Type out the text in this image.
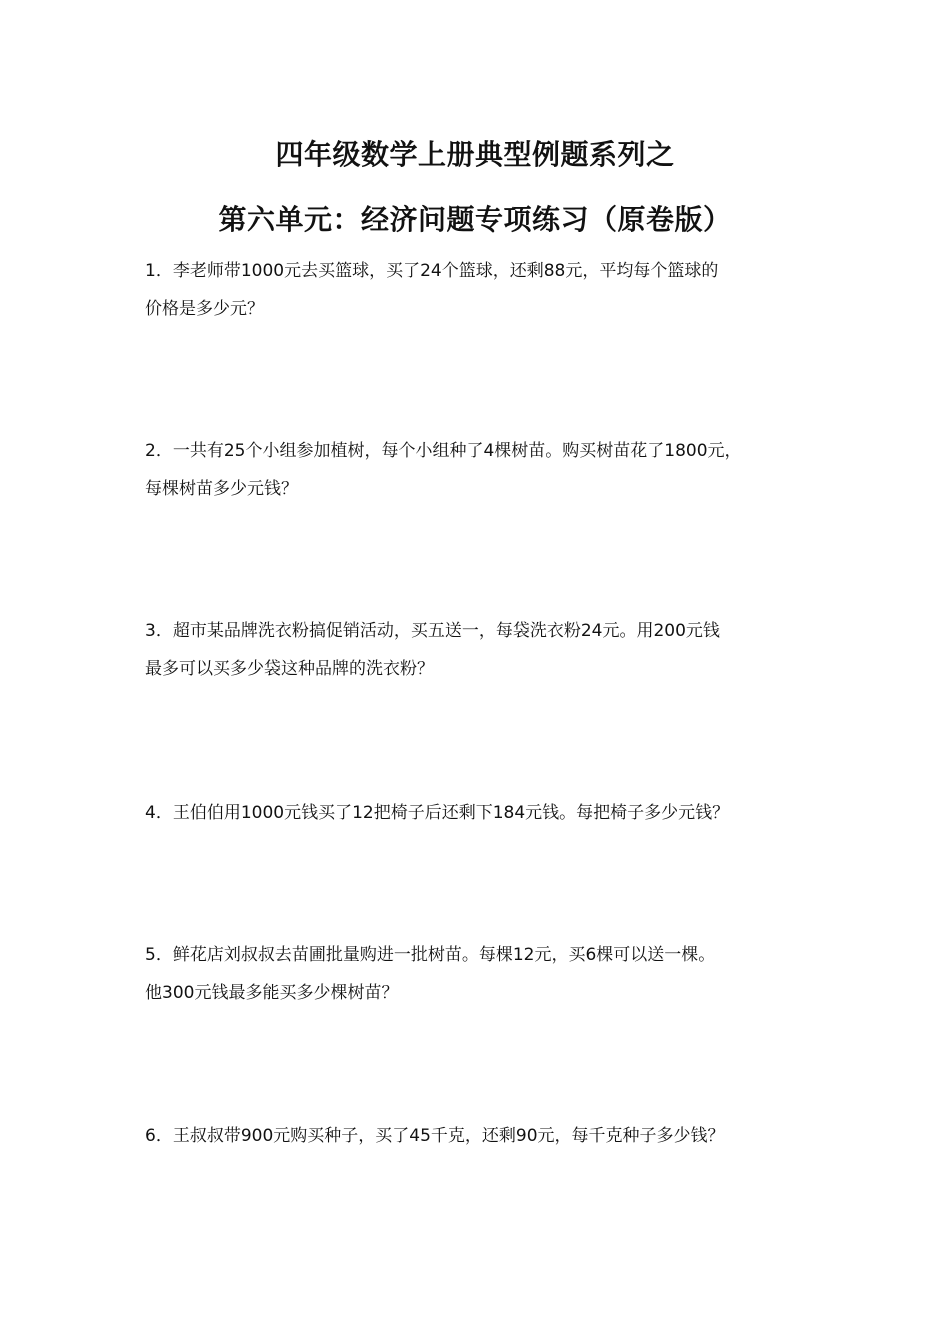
四年级数学上册典型例题系列之
第六单元：经济问题专项练习（原卷版）
1．李老师带1000元去买篮球，买了24个篮球，还剩88元，平均每个篮球的
价格是多少元？
2．一共有25个小组参加植树，每个小组种了4棵树苗。购买树苗花了1800元，
每棵树苗多少元钱？
3．超市某品牌洗衣粉搞促销活动，买五送一，每袋洗衣粉24元。用200元钱
最多可以买多少袋这种品牌的洗衣粉？
4．王伯伯用1000元钱买了12把椅子后还剩下184元钱。每把椅子多少元钱？
5．鲜花店刘叔叔去苗圃批量购进一批树苗。每棵12元，买6棵可以送一棵。
他300元钱最多能买多少棵树苗？
6．王叔叔带900元购买种子，买了45千克，还剩90元，每千克种子多少钱？
